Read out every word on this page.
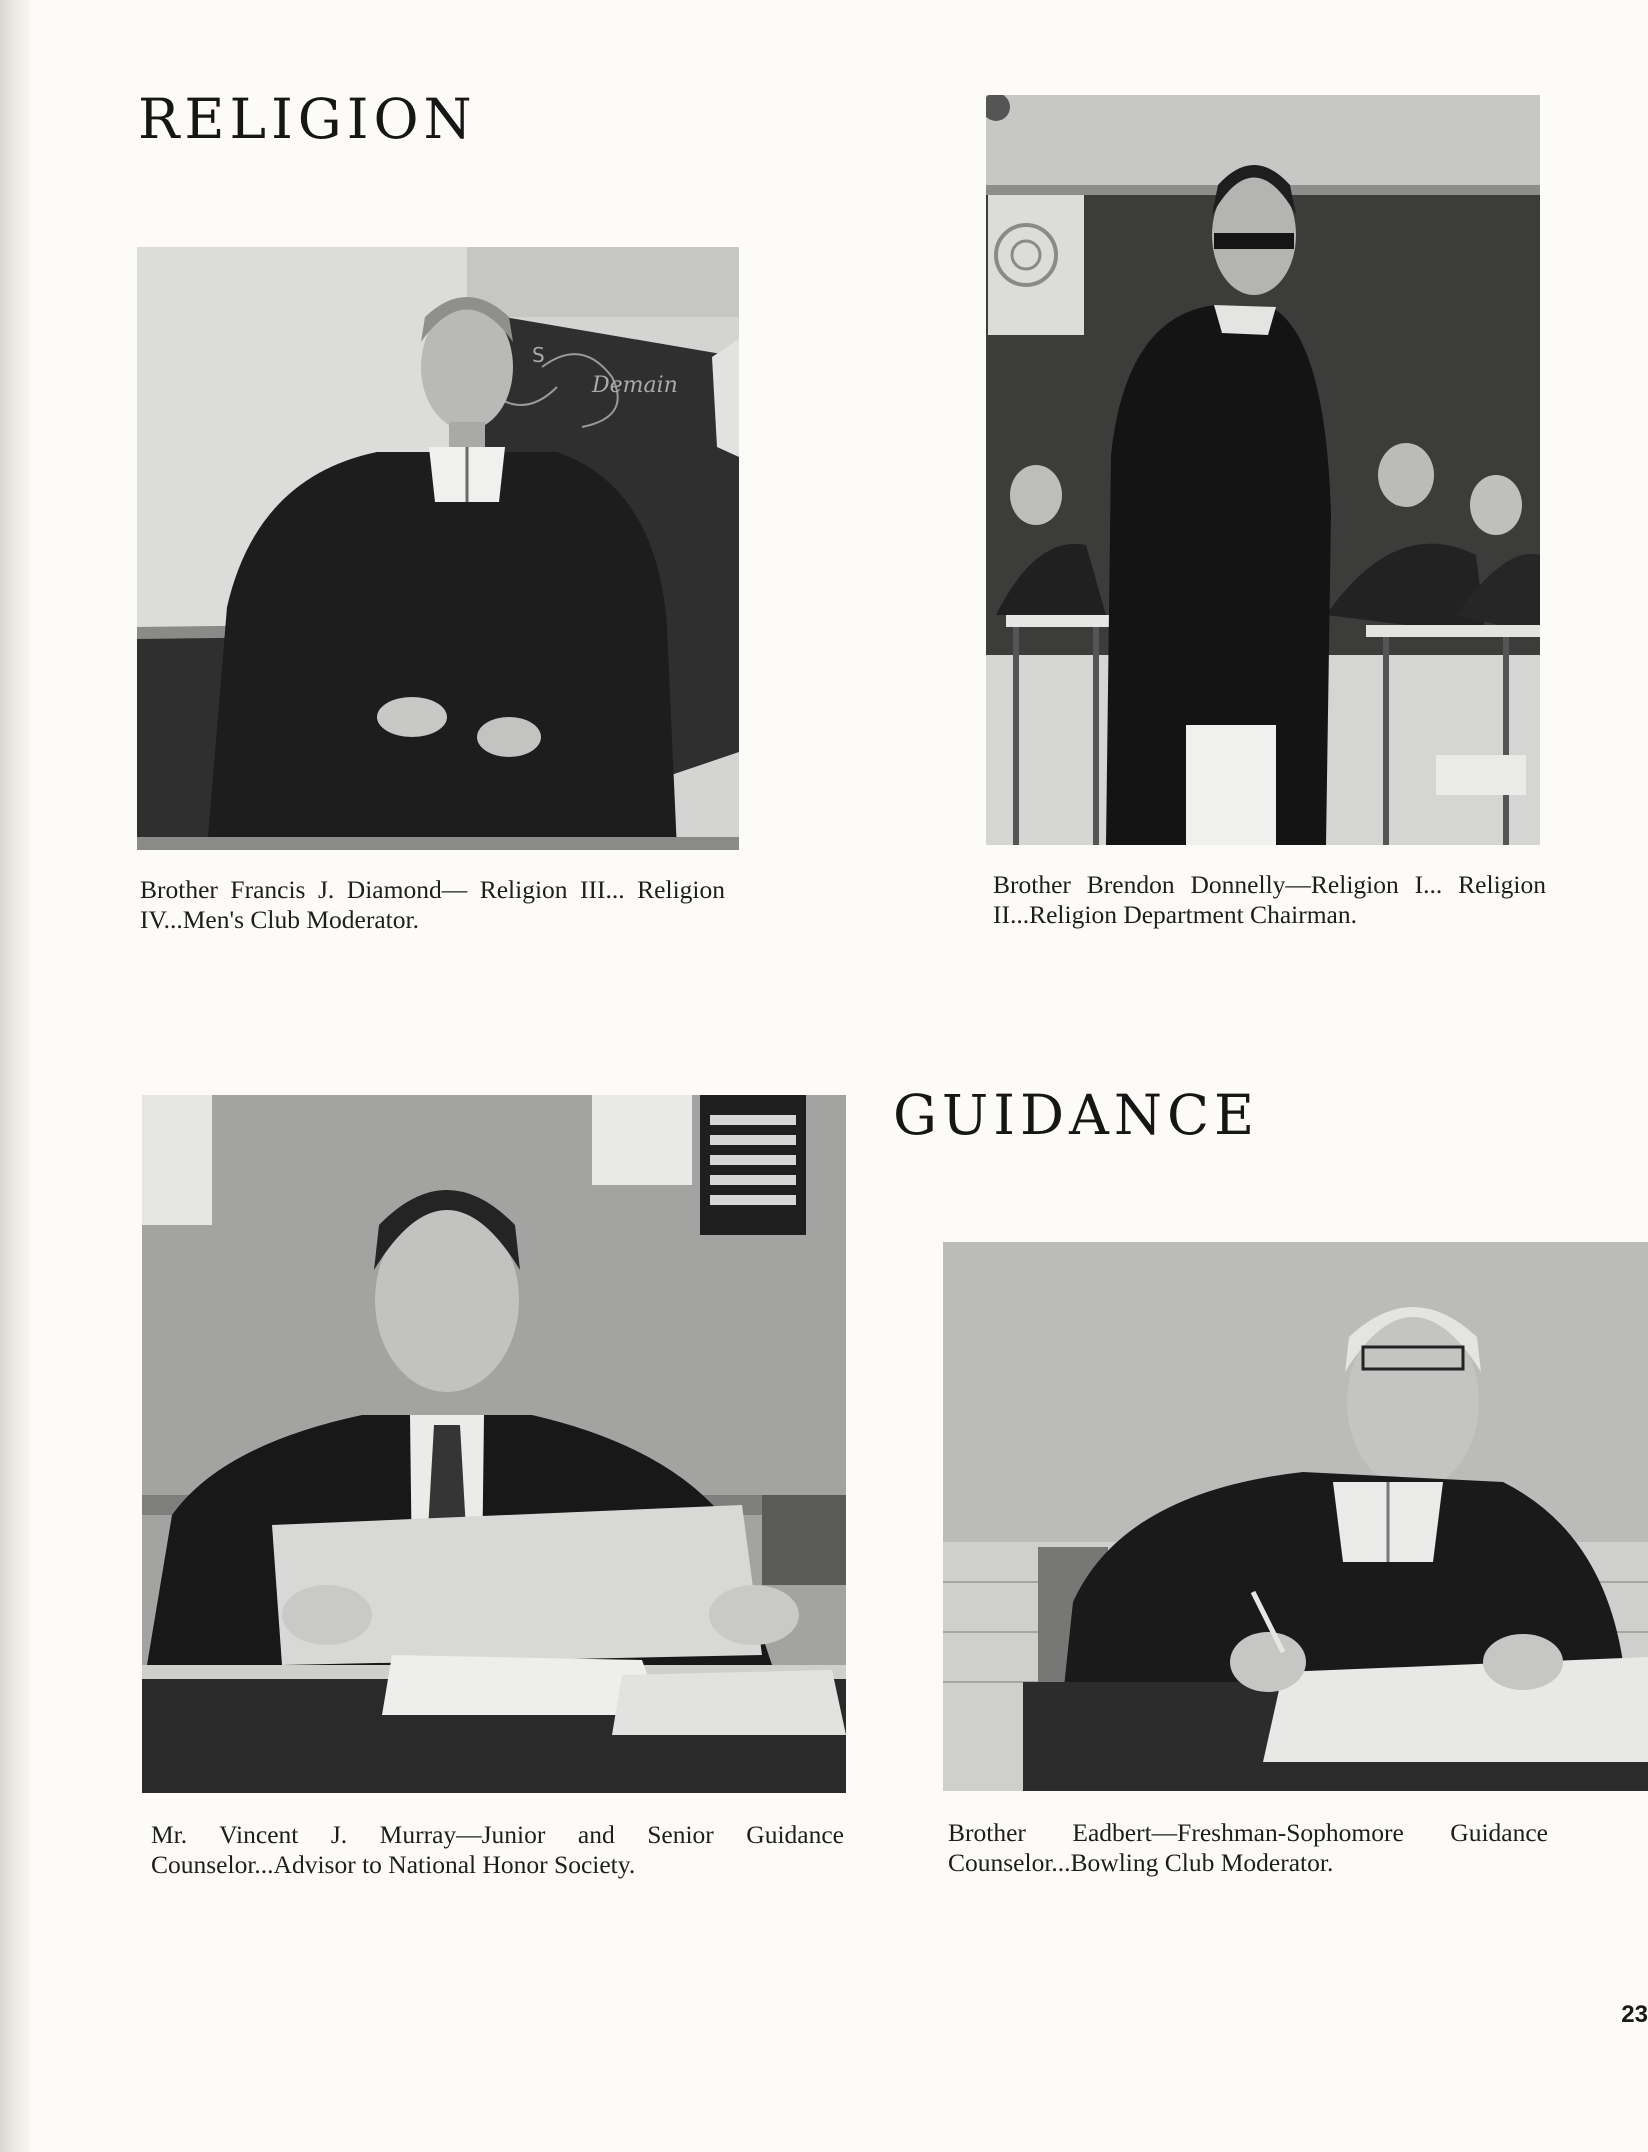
RELIGION
S
Demain

Brother Francis J. Diamond— Religion III... Religion IV...Men's Club Moderator.

Brother Brendon Donnelly—Religion I... Religion II...Religion Department Chairman.

GUIDANCE

Mr. Vincent J. Murray—Junior and Senior Guidance Counselor...Advisor to National Honor Society.

Brother Eadbert—Freshman-Sophomore Guidance Counselor...Bowling Club Moderator.

23
